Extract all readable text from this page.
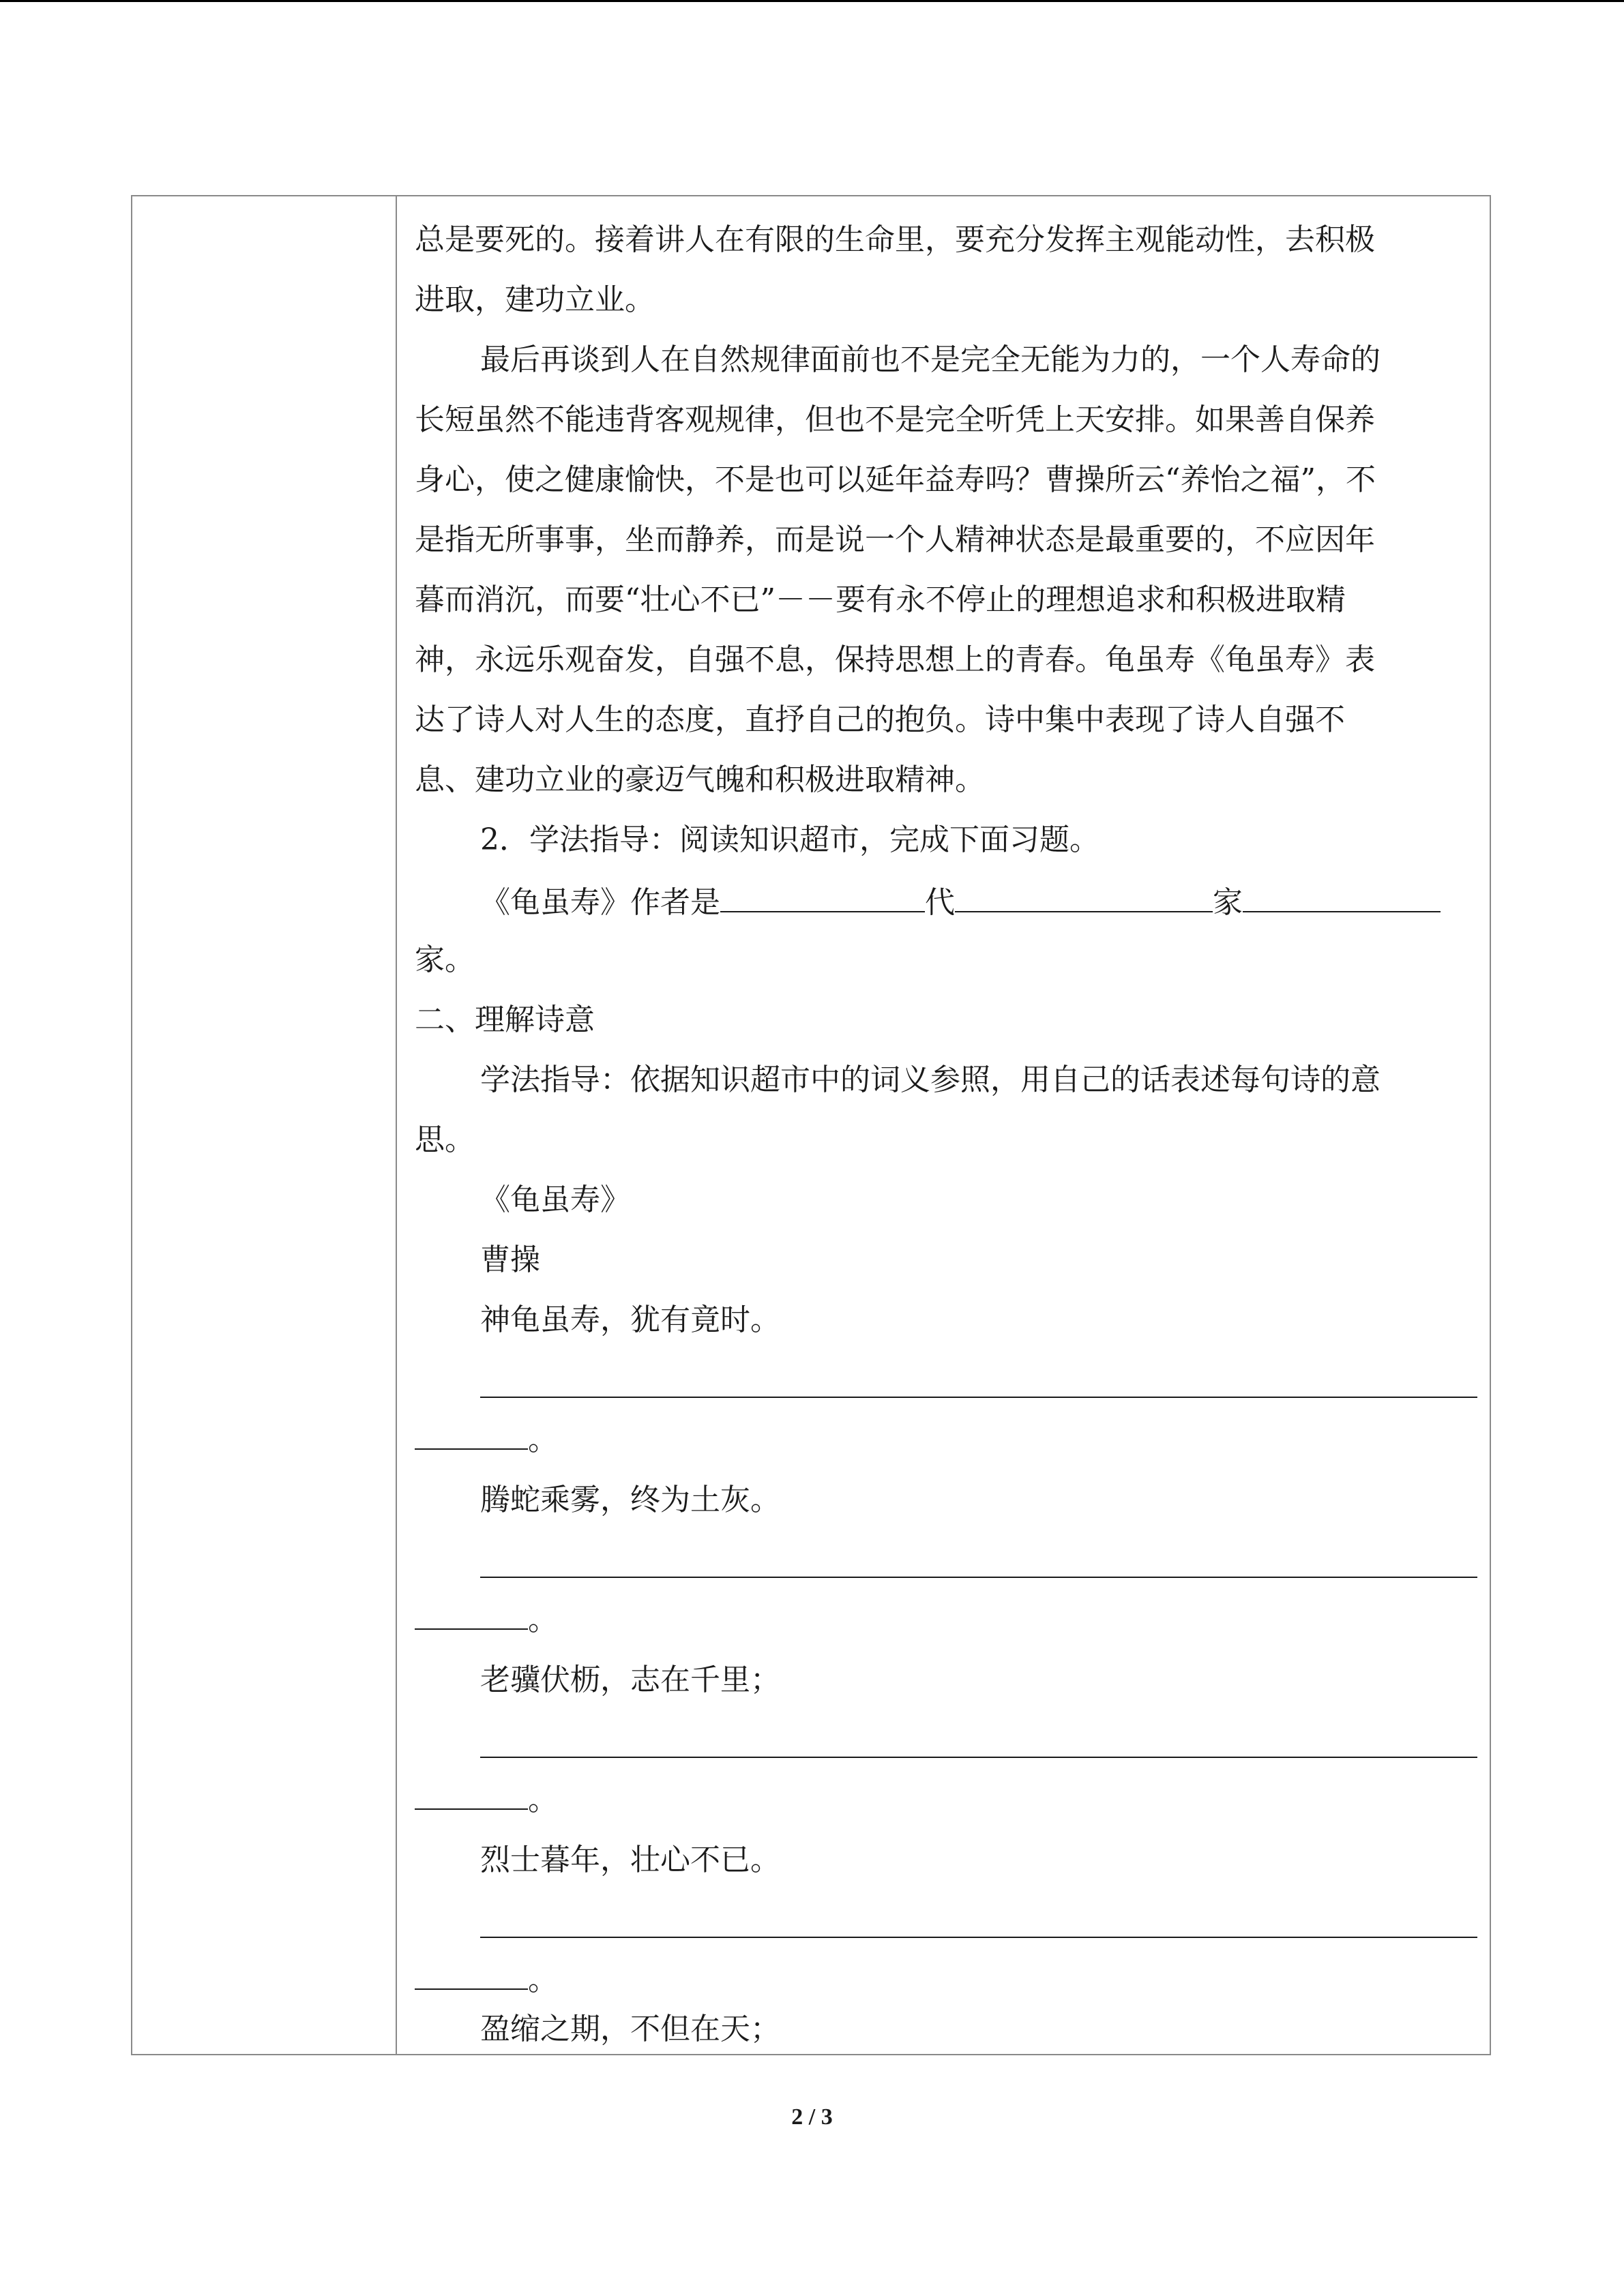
总是要死的。接着讲人在有限的生命里，要充分发挥主观能动性，去积极
进取，建功立业。
最后再谈到人在自然规律面前也不是完全无能为力的，一个人寿命的
长短虽然不能违背客观规律，但也不是完全听凭上天安排。如果善自保养
身心，使之健康愉快，不是也可以延年益寿吗？曹操所云“养怡之福”，不
是指无所事事，坐而静养，而是说一个人精神状态是最重要的，不应因年
暮而消沉，而要“壮心不已”－－要有永不停止的理想追求和积极进取精
神，永远乐观奋发，自强不息，保持思想上的青春。龟虽寿《龟虽寿》表
达了诗人对人生的态度，直抒自己的抱负。诗中集中表现了诗人自强不
息、建功立业的豪迈气魄和积极进取精神。
2．学法指导：阅读知识超市，完成下面习题。
《龟虽寿》作者是	代	家
家。
二、理解诗意
学法指导：依据知识超市中的词义参照，用自己的话表述每句诗的意
思。
《龟虽寿》
曹操
神龟虽寿，犹有竟时。
。
腾蛇乘雾，终为土灰。
。
老骥伏枥，志在千里；
。
烈士暮年，壮心不已。
。
盈缩之期，不但在天；
2 / 3
